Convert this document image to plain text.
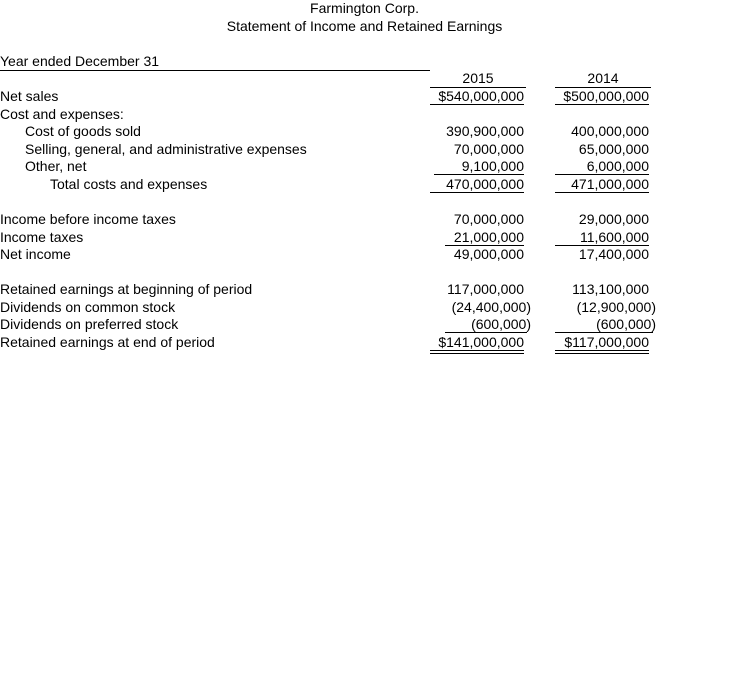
Farmington Corp.
Statement of Income and Retained Earnings
Year ended December 31
2015	2014
Net sales	$540,000,000	$500,000,000
Cost and expenses:
Cost of goods sold	390,900,000	400,000,000
Selling, general, and administrative expenses	70,000,000	65,000,000
Other, net	9,100,000	6,000,000
Total costs and expenses	470,000,000	471,000,000
Income before income taxes	70,000,000	29,000,000
Income taxes	21,000,000	11,600,000
Net income	49,000,000	17,400,000
Retained earnings at beginning of period	117,000,000	113,100,000
Dividends on common stock	(24,400,000)	(12,900,000)
Dividends on preferred stock	(600,000)	(600,000)
Retained earnings at end of period	$141,000,000	$117,000,000
